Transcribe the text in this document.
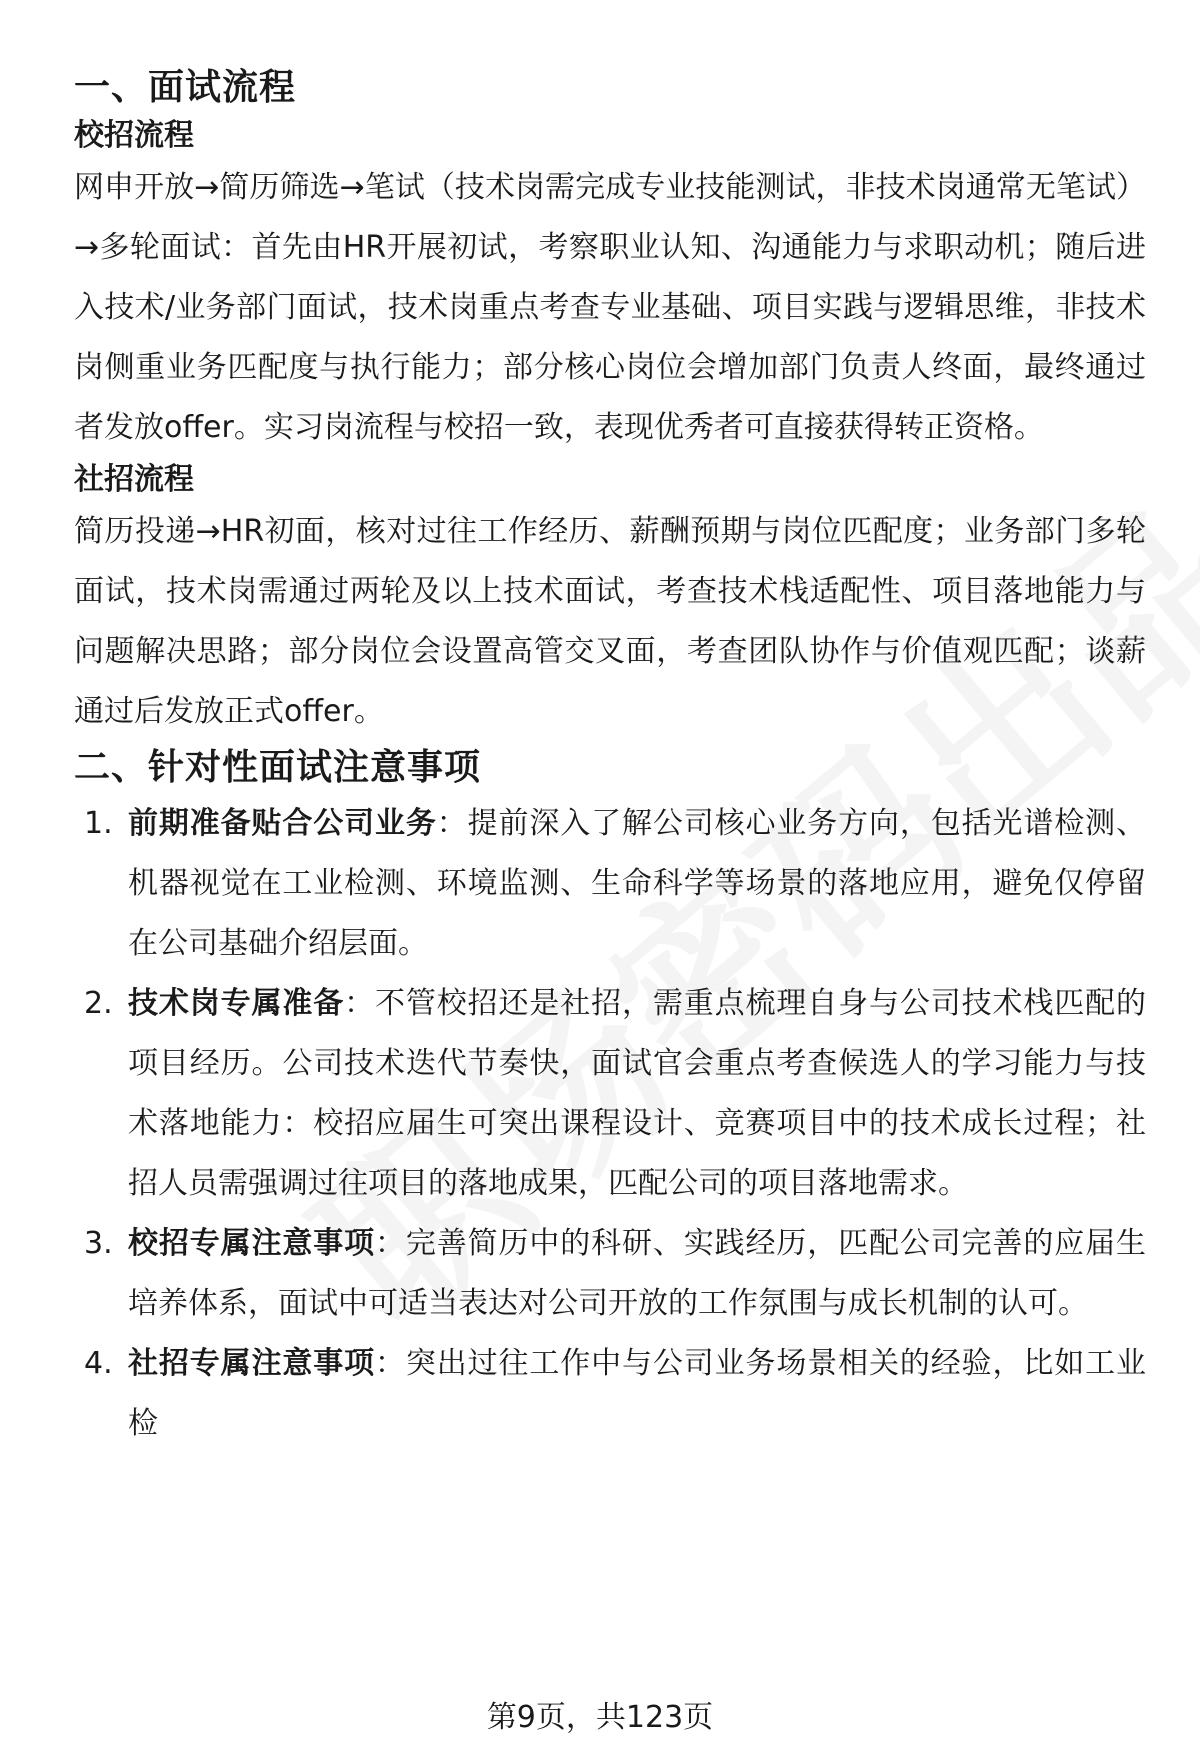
一、面试流程
校招流程

网申开放→简历筛选→笔试（技术岗需完成专业技能测试，非技术岗通常无笔试）→多轮面试：首先由HR开展初试，考察职业认知、沟通能力与求职动机；随后进入技术/业务部门面试，技术岗重点考查专业基础、项目实践与逻辑思维，非技术岗侧重业务匹配度与执行能力；部分核心岗位会增加部门负责人终面，最终通过者发放offer。实习岗流程与校招一致，表现优秀者可直接获得转正资格。

社招流程

简历投递→HR初面，核对过往工作经历、薪酬预期与岗位匹配度；业务部门多轮面试，技术岗需通过两轮及以上技术面试，考查技术栈适配性、项目落地能力与问题解决思路；部分岗位会设置高管交叉面，考查团队协作与价值观匹配；谈薪通过后发放正式offer。

二、针对性面试注意事项
1. 前期准备贴合公司业务：提前深入了解公司核心业务方向，包括光谱检测、机器视觉在工业检测、环境监测、生命科学等场景的落地应用，避免仅停留在公司基础介绍层面。
2. 技术岗专属准备：不管校招还是社招，需重点梳理自身与公司技术栈匹配的项目经历。公司技术迭代节奏快，面试官会重点考查候选人的学习能力与技术落地能力：校招应届生可突出课程设计、竞赛项目中的技术成长过程；社招人员需强调过往项目的落地成果，匹配公司的项目落地需求。
3. 校招专属注意事项：完善简历中的科研、实践经历，匹配公司完善的应届生培养体系，面试中可适当表达对公司开放的工作氛围与成长机制的认可。
4. 社招专属注意事项：突出过往工作中与公司业务场景相关的经验，比如工业检
第9页，共123页
